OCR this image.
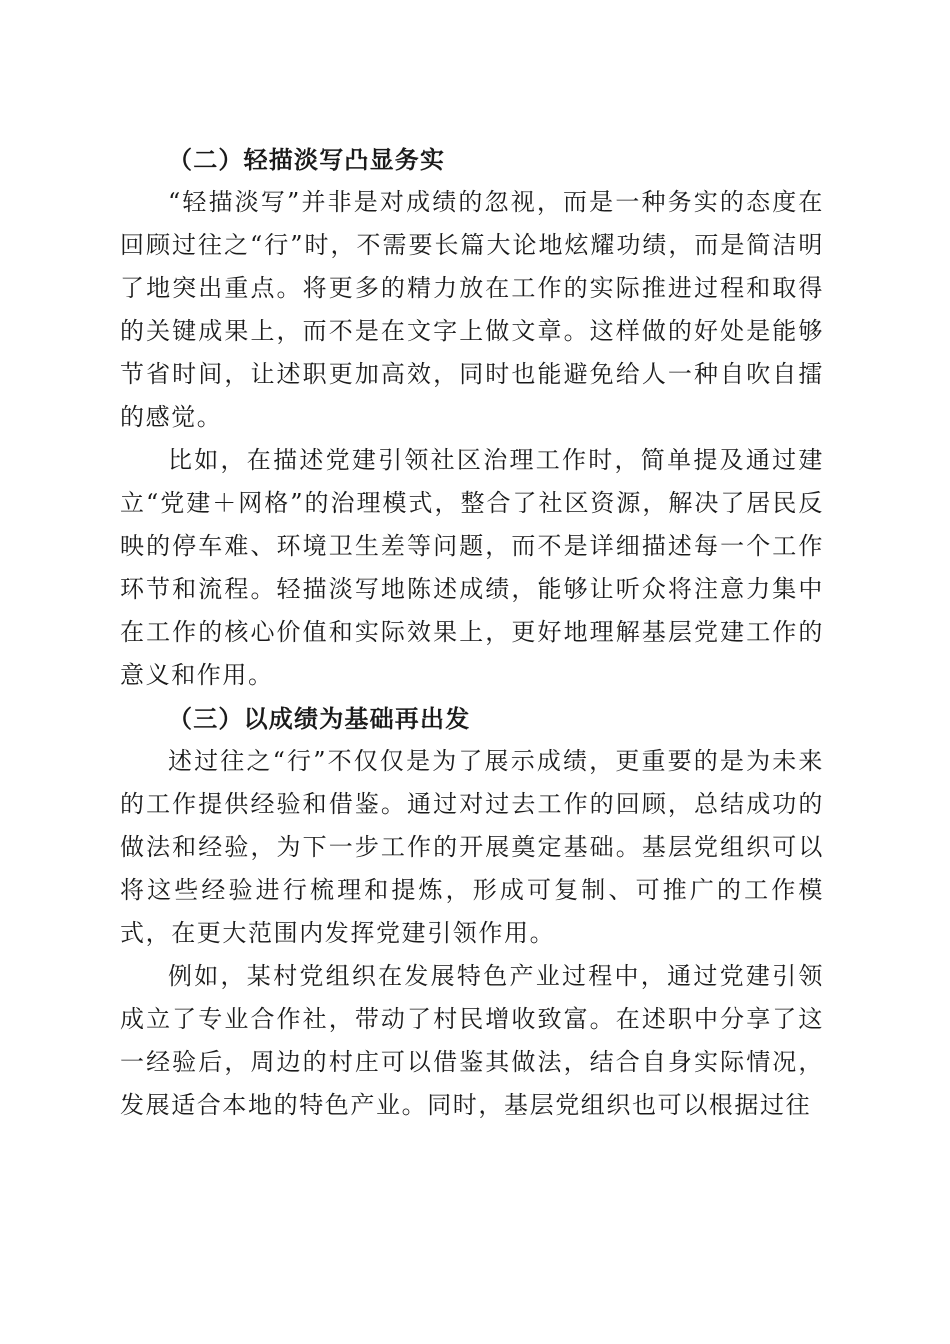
（二）轻描淡写凸显务实

“轻描淡写”并非是对成绩的忽视，而是一种务实的态度在回顾过往之“行”时，不需要长篇大论地炫耀功绩，而是简洁明了地突出重点。将更多的精力放在工作的实际推进过程和取得的关键成果上，而不是在文字上做文章。这样做的好处是能够节省时间，让述职更加高效，同时也能避免给人一种自吹自擂的感觉。

比如，在描述党建引领社区治理工作时，简单提及通过建立“党建＋网格”的治理模式，整合了社区资源，解决了居民反映的停车难、环境卫生差等问题，而不是详细描述每一个工作环节和流程。轻描淡写地陈述成绩，能够让听众将注意力集中在工作的核心价值和实际效果上，更好地理解基层党建工作的意义和作用。

（三）以成绩为基础再出发

述过往之“行”不仅仅是为了展示成绩，更重要的是为未来的工作提供经验和借鉴。通过对过去工作的回顾，总结成功的做法和经验，为下一步工作的开展奠定基础。基层党组织可以将这些经验进行梳理和提炼，形成可复制、可推广的工作模式，在更大范围内发挥党建引领作用。

例如，某村党组织在发展特色产业过程中，通过党建引领成立了专业合作社，带动了村民增收致富。在述职中分享了这一经验后，周边的村庄可以借鉴其做法，结合自身实际情况，发展适合本地的特色产业。同时，基层党组织也可以根据过往
